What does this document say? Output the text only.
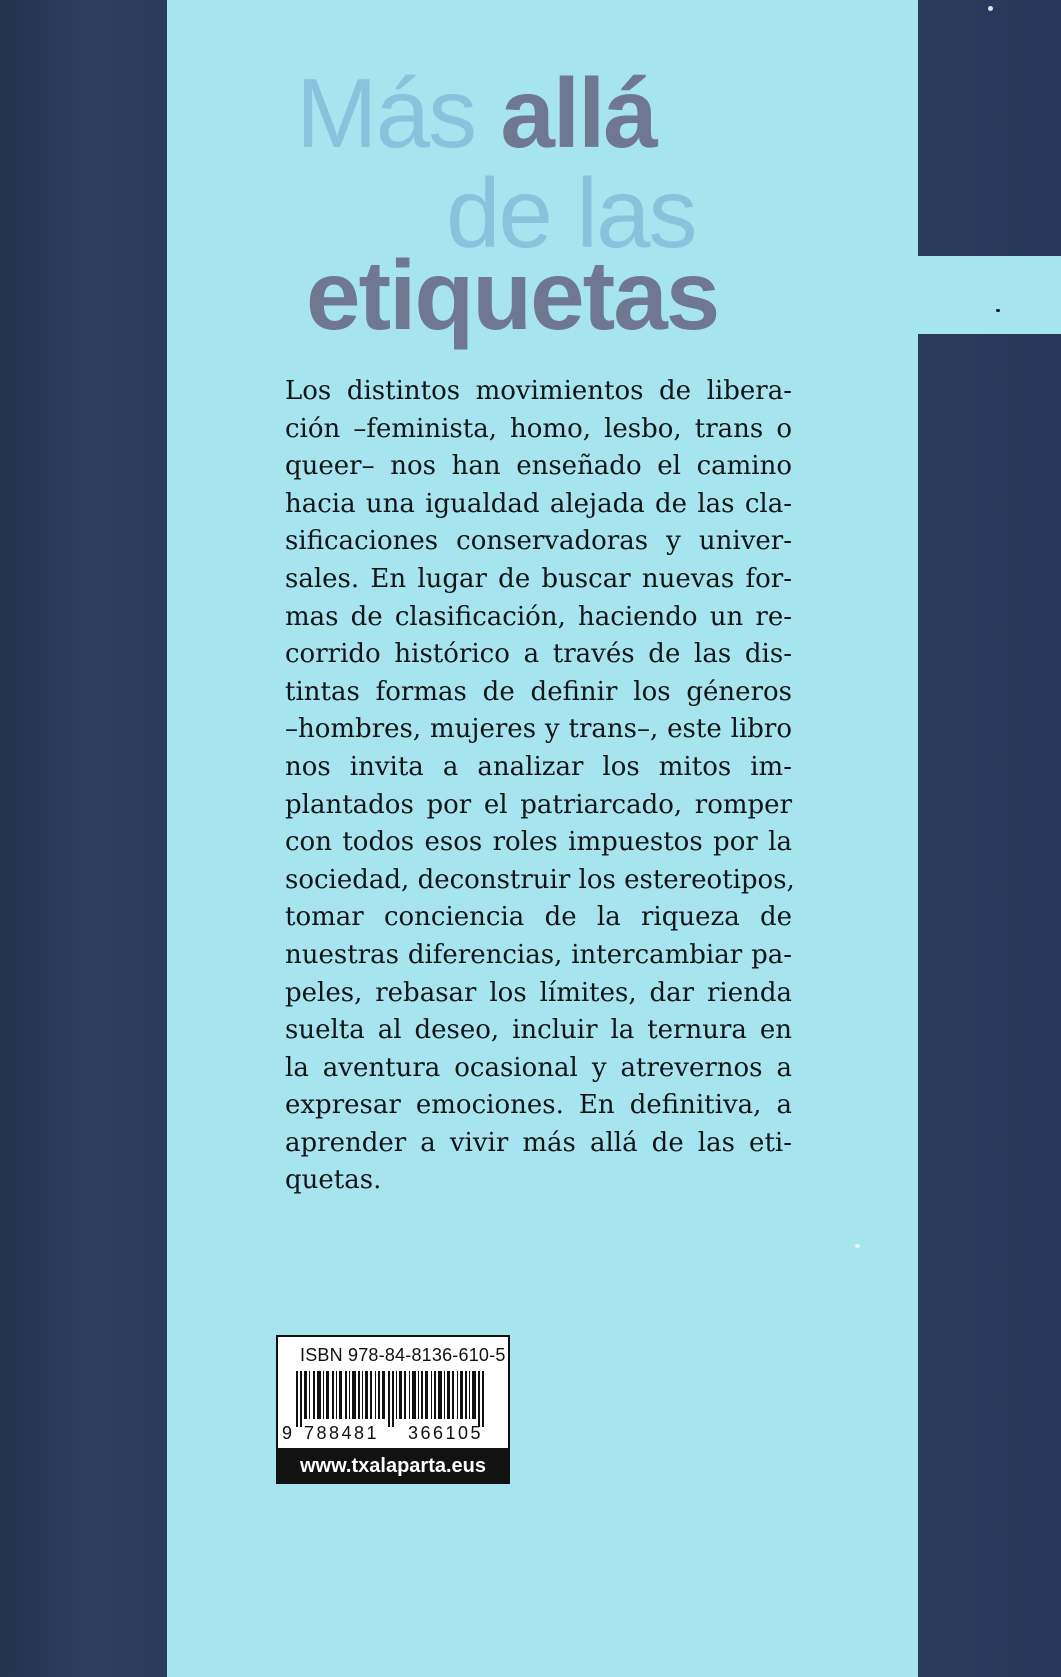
Más allá
de las
etiquetas
Los distintos movimientos de libera-
ción –feminista, homo, lesbo, trans o
queer– nos han enseñado el camino
hacia una igualdad alejada de las cla-
sificaciones conservadoras y univer-
sales. En lugar de buscar nuevas for-
mas de clasificación, haciendo un re-
corrido histórico a través de las dis-
tintas formas de definir los géneros
–hombres, mujeres y trans–, este libro
nos invita a analizar los mitos im-
plantados por el patriarcado, romper
con todos esos roles impuestos por la
sociedad, deconstruir los estereotipos,
tomar conciencia de la riqueza de
nuestras diferencias, intercambiar pa-
peles, rebasar los límites, dar rienda
suelta al deseo, incluir la ternura en
la aventura ocasional y atrevernos a
expresar emociones. En definitiva, a
aprender a vivir más allá de las eti-
quetas.
ISBN 978-84-8136-610-5
9 788481 366105
www.txalaparta.eus
